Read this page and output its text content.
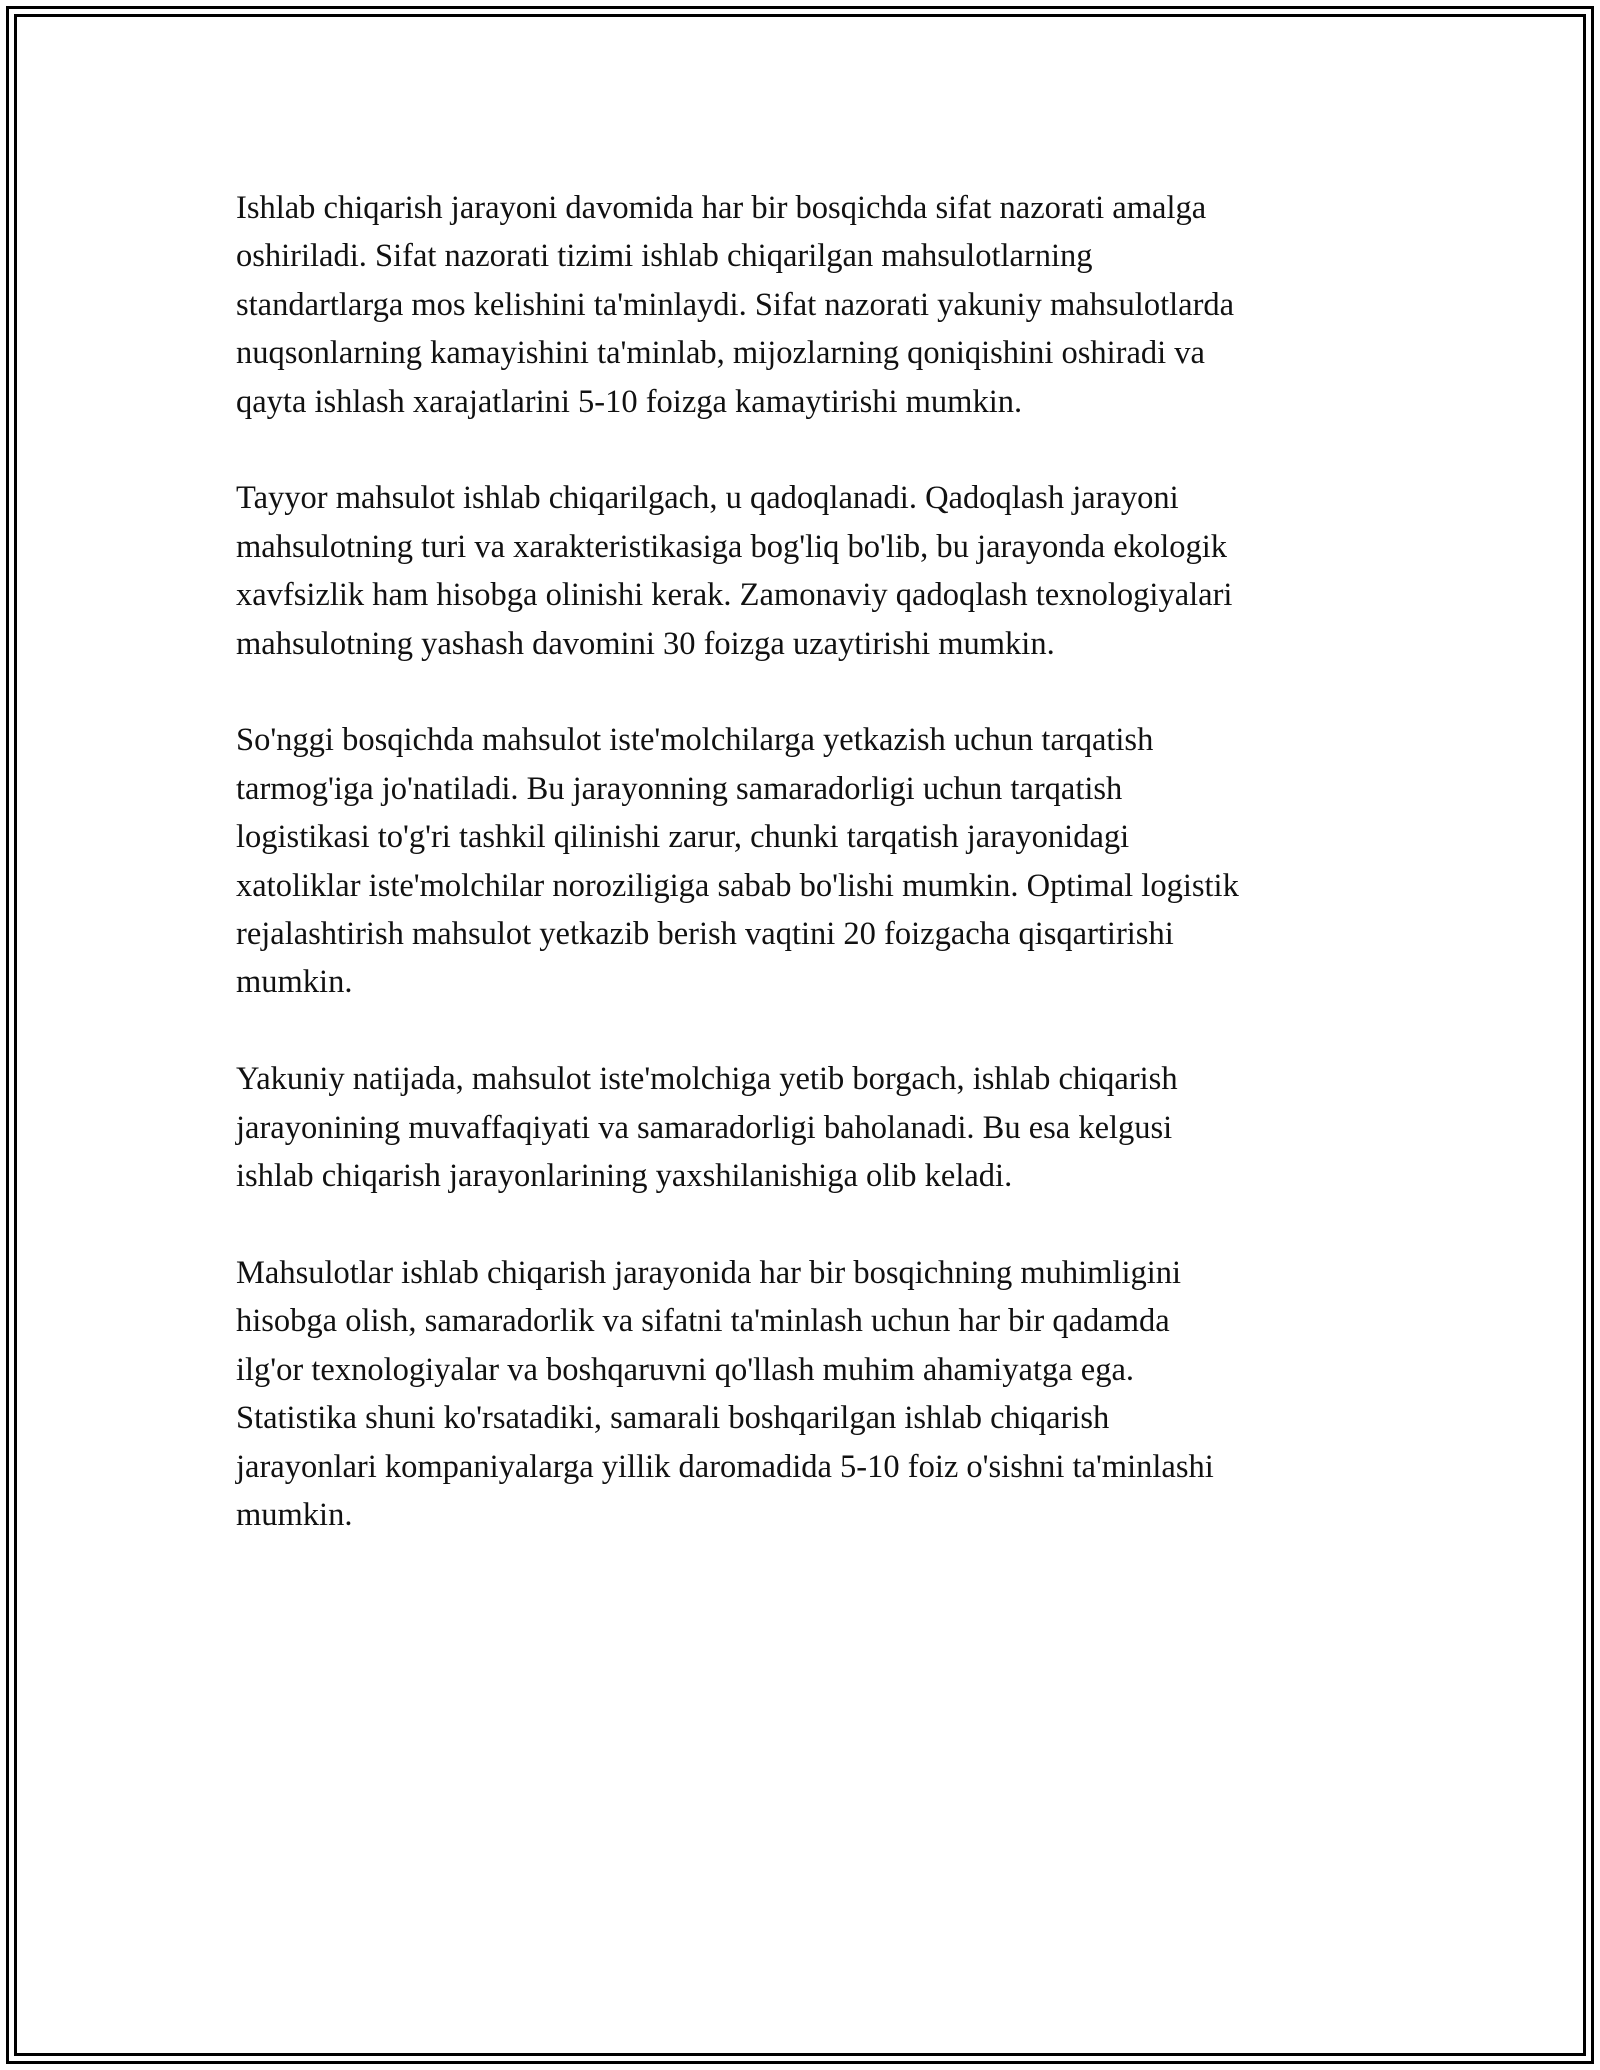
Ishlab chiqarish jarayoni davomida har bir bosqichda sifat nazorati amalga
oshiriladi. Sifat nazorati tizimi ishlab chiqarilgan mahsulotlarning
standartlarga mos kelishini ta'minlaydi. Sifat nazorati yakuniy mahsulotlarda
nuqsonlarning kamayishini ta'minlab, mijozlarning qoniqishini oshiradi va
qayta ishlash xarajatlarini 5-10 foizga kamaytirishi mumkin.

Tayyor mahsulot ishlab chiqarilgach, u qadoqlanadi. Qadoqlash jarayoni
mahsulotning turi va xarakteristikasiga bog'liq bo'lib, bu jarayonda ekologik
xavfsizlik ham hisobga olinishi kerak. Zamonaviy qadoqlash texnologiyalari
mahsulotning yashash davomini 30 foizga uzaytirishi mumkin.

So'nggi bosqichda mahsulot iste'molchilarga yetkazish uchun tarqatish
tarmog'iga jo'natiladi. Bu jarayonning samaradorligi uchun tarqatish
logistikasi to'g'ri tashkil qilinishi zarur, chunki tarqatish jarayonidagi
xatoliklar iste'molchilar noroziligiga sabab bo'lishi mumkin. Optimal logistik
rejalashtirish mahsulot yetkazib berish vaqtini 20 foizgacha qisqartirishi
mumkin.

Yakuniy natijada, mahsulot iste'molchiga yetib borgach, ishlab chiqarish
jarayonining muvaffaqiyati va samaradorligi baholanadi. Bu esa kelgusi
ishlab chiqarish jarayonlarining yaxshilanishiga olib keladi.

Mahsulotlar ishlab chiqarish jarayonida har bir bosqichning muhimligini
hisobga olish, samaradorlik va sifatni ta'minlash uchun har bir qadamda
ilg'or texnologiyalar va boshqaruvni qo'llash muhim ahamiyatga ega.
Statistika shuni ko'rsatadiki, samarali boshqarilgan ishlab chiqarish
jarayonlari kompaniyalarga yillik daromadida 5-10 foiz o'sishni ta'minlashi
mumkin.
